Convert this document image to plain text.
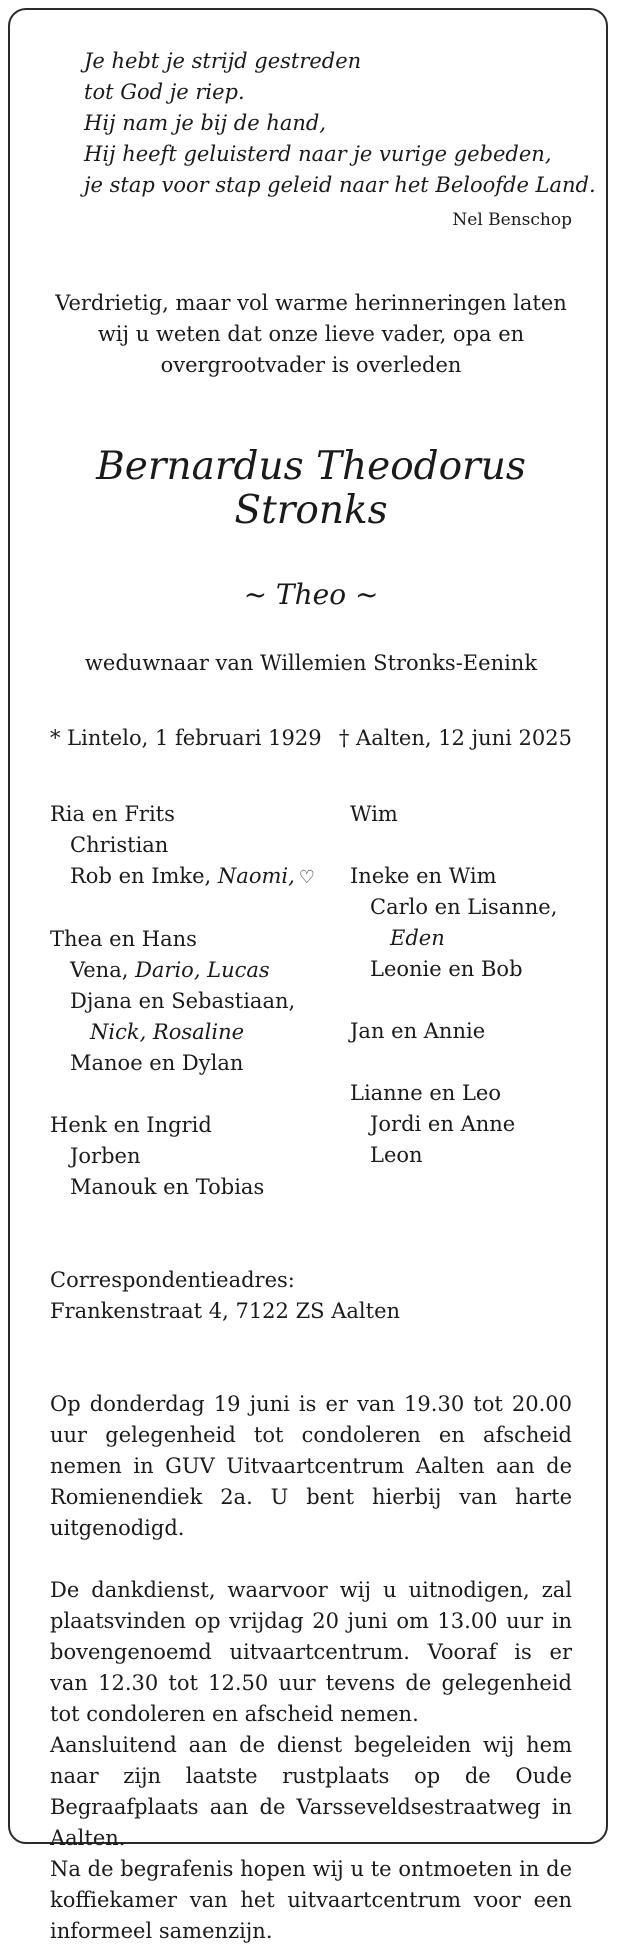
Je hebt je strijd gestreden
tot God je riep.
Hij nam je bij de hand,
Hij heeft geluisterd naar je vurige gebeden,
je stap voor stap geleid naar het Beloofde Land.
Nel Benschop
Verdrietig, maar vol warme herinneringen laten wij u weten dat onze lieve vader, opa en overgrootvader is overleden
Bernardus Theodorus
Stronks
~ Theo ~
weduwnaar van Willemien Stronks-Eenink
* Lintelo, 1 februari 1929 † Aalten, 12 juni 2025
Ria en Frits
Christian
Rob en Imke, Naomi, ♡
Thea en Hans
Vena, Dario, Lucas
Djana en Sebastiaan,
Nick, Rosaline
Manoe en Dylan
Henk en Ingrid
Jorben
Manouk en Tobias
Wim
Ineke en Wim
Carlo en Lisanne,
Eden
Leonie en Bob
Jan en Annie
Lianne en Leo
Jordi en Anne
Leon
Correspondentieadres:
Frankenstraat 4, 7122 ZS Aalten
Op donderdag 19 juni is er van 19.30 tot 20.00 uur gelegenheid tot condoleren en afscheid nemen in GUV Uitvaartcentrum Aalten aan de Romienendiek 2a. U bent hierbij van harte uitgenodigd.

De dankdienst, waarvoor wij u uitnodigen, zal plaatsvinden op vrijdag 20 juni om 13.00 uur in bovengenoemd uitvaartcentrum. Vooraf is er van 12.30 tot 12.50 uur tevens de gelegenheid tot condoleren en afscheid nemen.

Aansluitend aan de dienst begeleiden wij hem naar zijn laatste rustplaats op de Oude Begraafplaats aan de Varsseveldsestraatweg in Aalten.

Na de begrafenis hopen wij u te ontmoeten in de koffiekamer van het uitvaartcentrum voor een informeel samenzijn.
